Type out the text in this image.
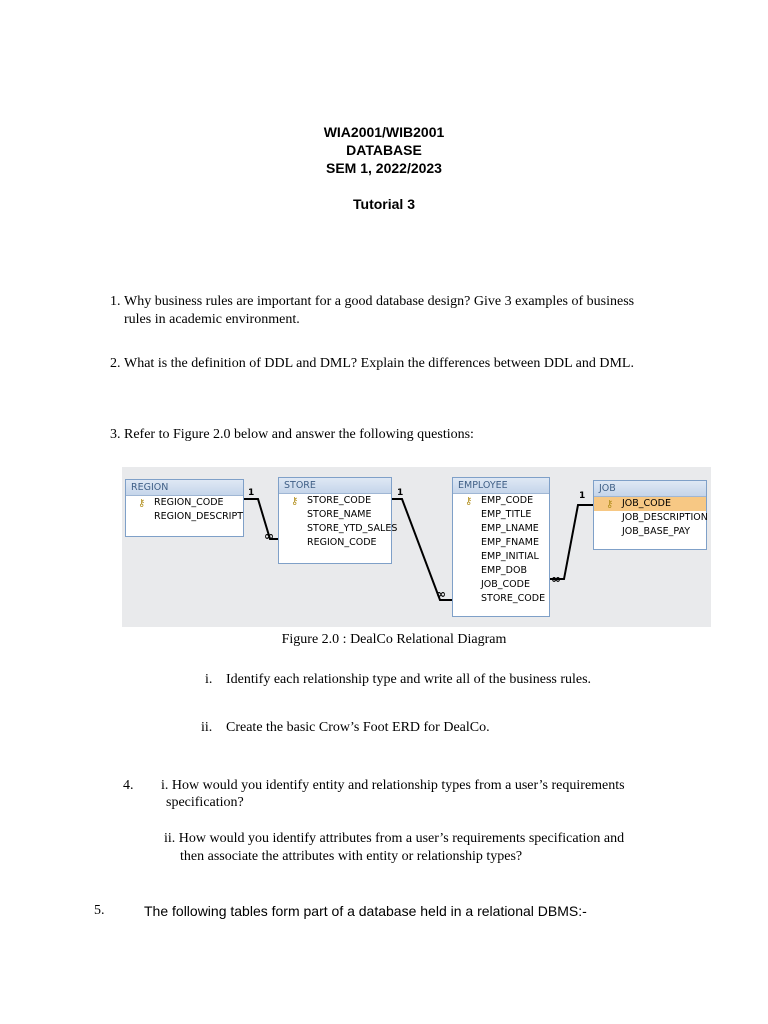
WIA2001/WIB2001
DATABASE
SEM 1, 2022/2023
Tutorial 3
1. Why business rules are important for a good database design? Give 3 examples of business
rules in academic environment.
2. What is the definition of DDL and DML? Explain the differences between DDL and DML.
3. Refer to Figure 2.0 below and answer the following questions:
REGION
⚷ REGION_CODE
REGION_DESCRIPT
STORE
⚷ STORE_CODE
STORE_NAME
STORE_YTD_SALES
REGION_CODE
EMPLOYEE
⚷ EMP_CODE
EMP_TITLE
EMP_LNAME
EMP_FNAME
EMP_INITIAL
EMP_DOB
JOB_CODE
STORE_CODE
JOB
⚷ JOB_CODE
JOB_DESCRIPTION
JOB_BASE_PAY
1
∞
1
∞
1
∞
Figure 2.0 : DealCo Relational Diagram
i. Identify each relationship type and write all of the business rules.
ii. Create the basic Crow’s Foot ERD for DealCo.
4. i. How would you identify entity and relationship types from a user’s requirements
specification?
ii. How would you identify attributes from a user’s requirements specification and
then associate the attributes with entity or relationship types?
5.	The following tables form part of a database held in a relational DBMS:-
